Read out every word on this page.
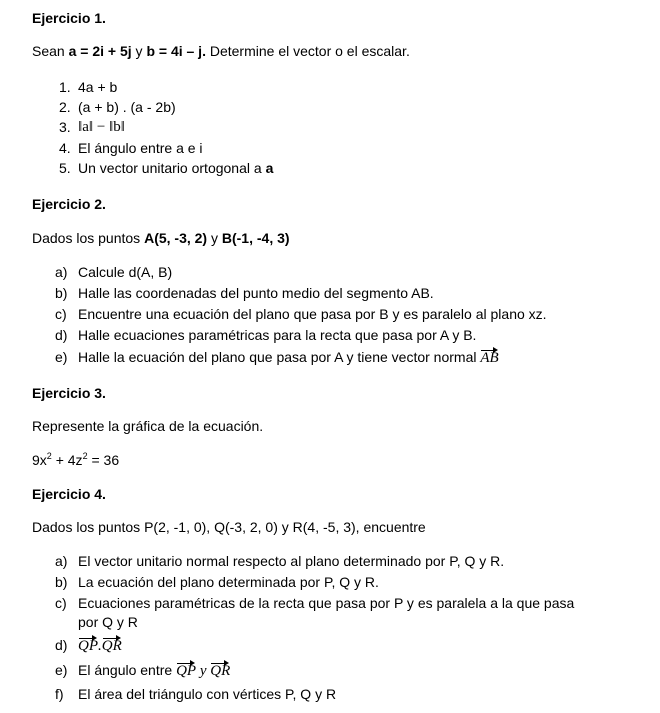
Ejercicio 1.
Sean a = 2i + 5j y b = 4i – j. Determine el vector o el escalar.
1. 4a + b
2. (a + b) . (a - 2b)
3. ‖a‖ − ‖b‖
4. El ángulo entre a e i
5. Un vector unitario ortogonal a a
Ejercicio 2.
Dados los puntos A(5, -3, 2) y B(-1, -4, 3)
a) Calcule d(A, B)
b) Halle las coordenadas del punto medio del segmento AB.
c) Encuentre una ecuación del plano que pasa por B y es paralelo al plano xz.
d) Halle ecuaciones paramétricas para la recta que pasa por A y B.
e) Halle la ecuación del plano que pasa por A y tiene vector normal AB
Ejercicio 3.
Represente la gráfica de la ecuación.
$9x^2 + 4z^2 = 36$
Ejercicio 4.
Dados los puntos P(2, -1, 0), Q(-3, 2, 0) y R(4, -5, 3), encuentre
a) El vector unitario normal respecto al plano determinado por P, Q y R.
b) La ecuación del plano determinada por P, Q y R.
c) Ecuaciones paramétricas de la recta que pasa por P y es paralela a la que pasa
por Q y R
d) QP.QR
e) El ángulo entre QP y QR
f) El área del triángulo con vértices P, Q y R
